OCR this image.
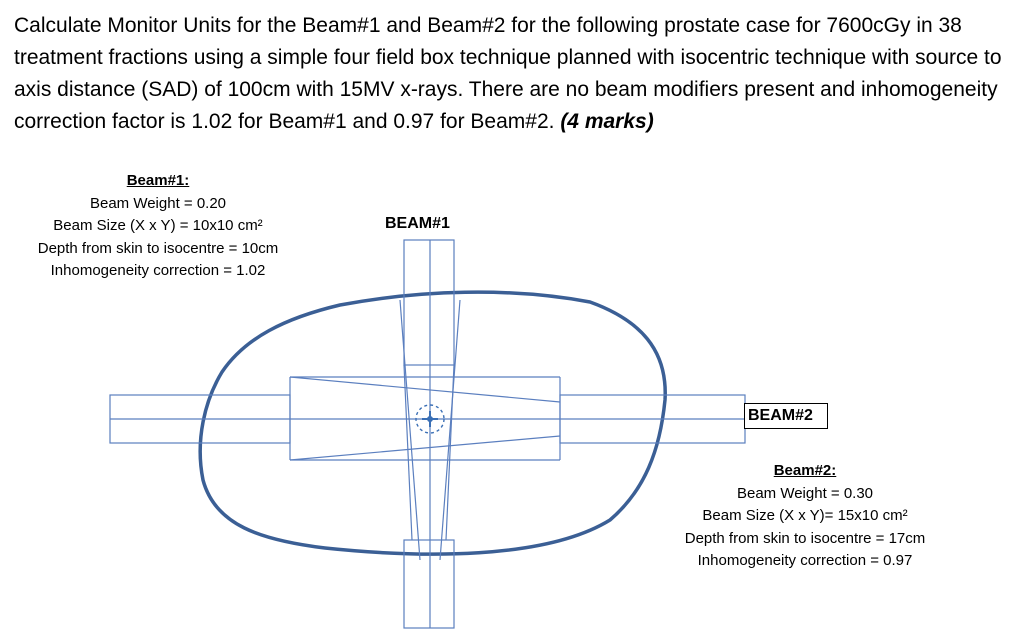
Calculate Monitor Units for the Beam#1 and Beam#2 for the following prostate case for 7600cGy in 38 treatment fractions using a simple four field box technique planned with isocentric technique with source to axis distance (SAD) of 100cm with 15MV x-rays. There are no beam modifiers present and inhomogeneity correction factor is 1.02 for Beam#1 and 0.97 for Beam#2. (4 marks)
Beam#1:
Beam Weight = 0.20
Beam Size (X x Y) = 10x10 cm²
Depth from skin to isocentre = 10cm
Inhomogeneity correction = 1.02
BEAM#1
BEAM#2
Beam#2:
Beam Weight = 0.30
Beam Size (X x Y)= 15x10 cm²
Depth from skin to isocentre = 17cm
Inhomogeneity correction = 0.97
